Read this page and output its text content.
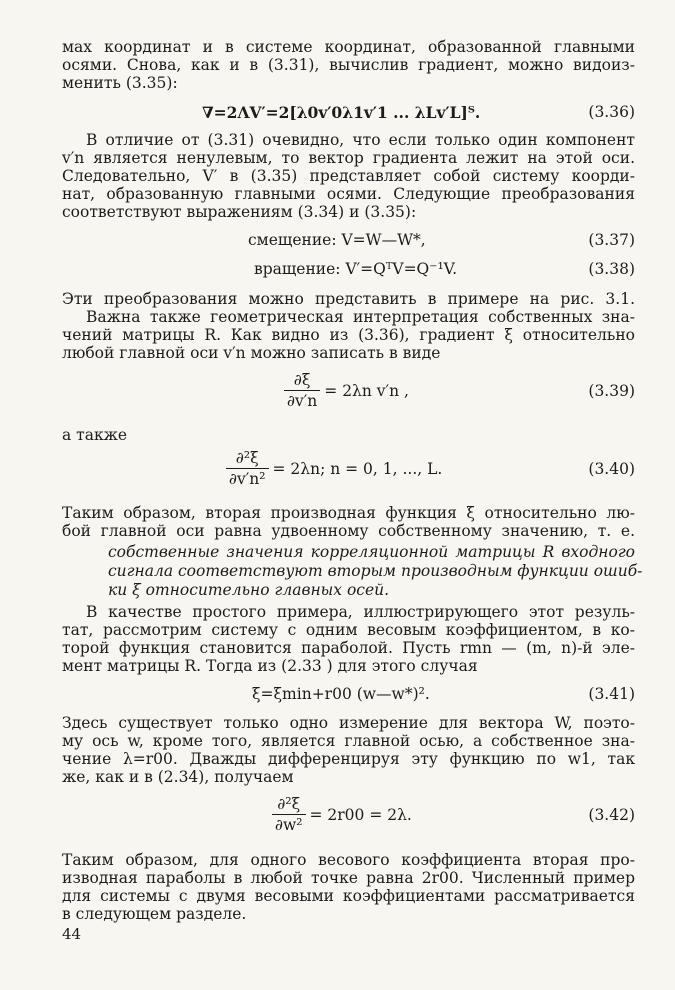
мах координат и в системе координат, образованной главными
осями. Снова, как и в (3.31), вычислив градиент, можно видоиз-
менить (3.35):
∇=2ΛV′=2[λ0v′0λ1v′1 ... λLv′L]ᵀ.	(3.36)
В отличие от (3.31) очевидно, что если только один компонент
v′n является ненулевым, то вектор градиента лежит на этой оси.
Следовательно, V′ в (3.35) представляет собой систему коорди-
нат, образованную главными осями. Следующие преобразования
соответствуют выражениям (3.34) и (3.35):
смещение: V=W—W*,	(3.37)
вращение: V′=QᵀV=Q⁻¹V.	(3.38)
Эти преобразования можно представить в примере на рис. 3.1.
Важна также геометрическая интерпретация собственных зна-
чений матрицы R. Как видно из (3.36), градиент ξ относительно
любой главной оси v′n можно записать в виде
$\frac{\partial\xi}{\partial v'n} = 2\lambda n$ v′n ,	(3.39)
а также
$\frac{\text{∂²ξ}}{\text{∂v′n²}} = 2\lambda n$; n = 0, 1, ..., L.	(3.40)
Таким образом, вторая производная функция ξ относительно лю-
бой главной оси равна удвоенному собственному значению, т. е.
собственные значения корреляционной матрицы R входного
сигнала соответствуют вторым производным функции ошиб-
ки ξ относительно главных осей.
В качестве простого примера, иллюстрирующего этот резуль-
тат, рассмотрим систему с одним весовым коэффициентом, в ко-
торой функция становится параболой. Пусть rmn — (m, n)-й эле-
мент матрицы R. Тогда из (2.33 ) для этого случая
ξ=ξmin+r00 (w—w*)².	(3.41)
Здесь существует только одно измерение для вектора W, поэто-
му ось w, кроме того, является главной осью, а собственное зна-
чение λ=r00. Дважды дифференцируя эту функцию по w1, так
же, как и в (2.34), получаем
$\frac{\text{∂²ξ}}{\text{∂w²}} = 2r00 = 2\lambda$.	(3.42)
Таким образом, для одного весового коэффициента вторая про-
изводная параболы в любой точке равна 2r00. Численный пример
для системы с двумя весовыми коэффициентами рассматривается
в следующем разделе.
44
